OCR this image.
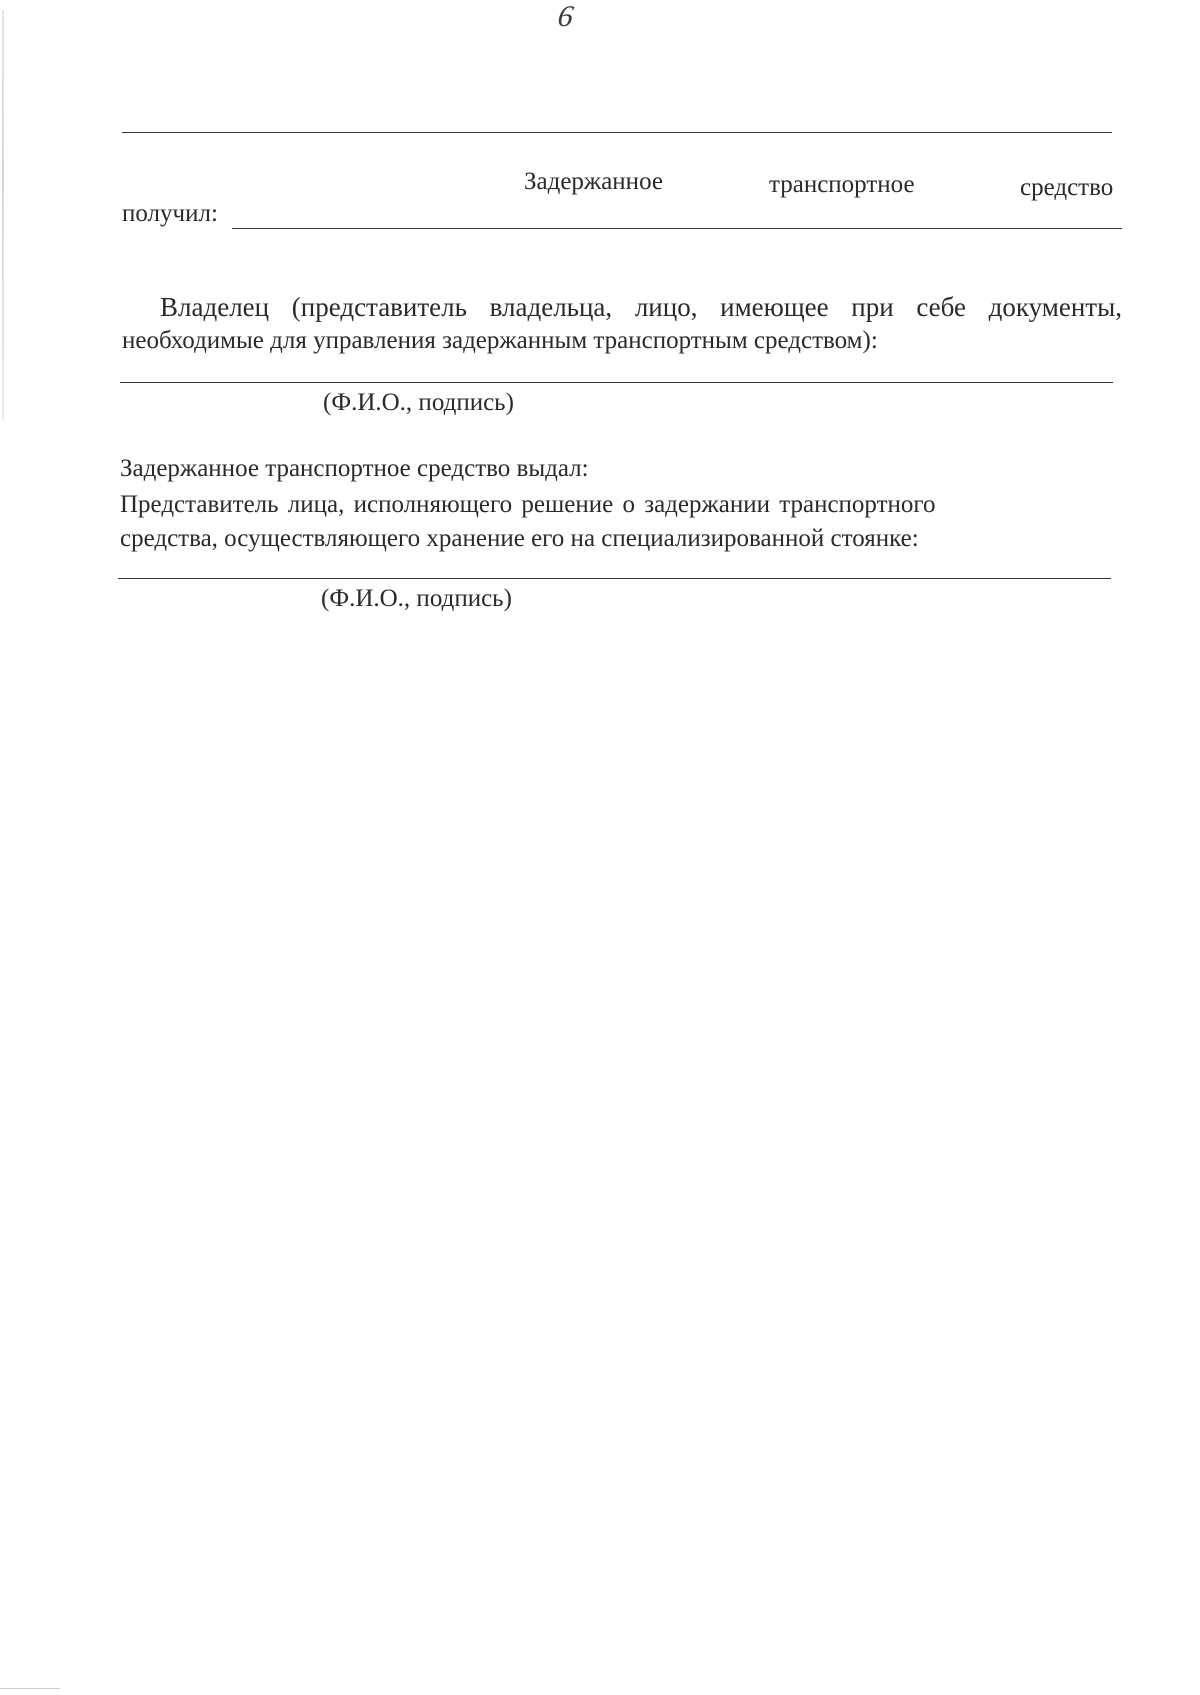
6
Задержанное	транспортное	средство
получил:
Владелец (представитель владельца, лицо, имеющее при себе документы,
необходимые для управления задержанным транспортным средством):
(Ф.И.О., подпись)
Задержанное транспортное средство выдал:
Представитель лица, исполняющего решение о задержании транспортного
средства, осуществляющего хранение его на специализированной стоянке:
(Ф.И.О., подпись)
